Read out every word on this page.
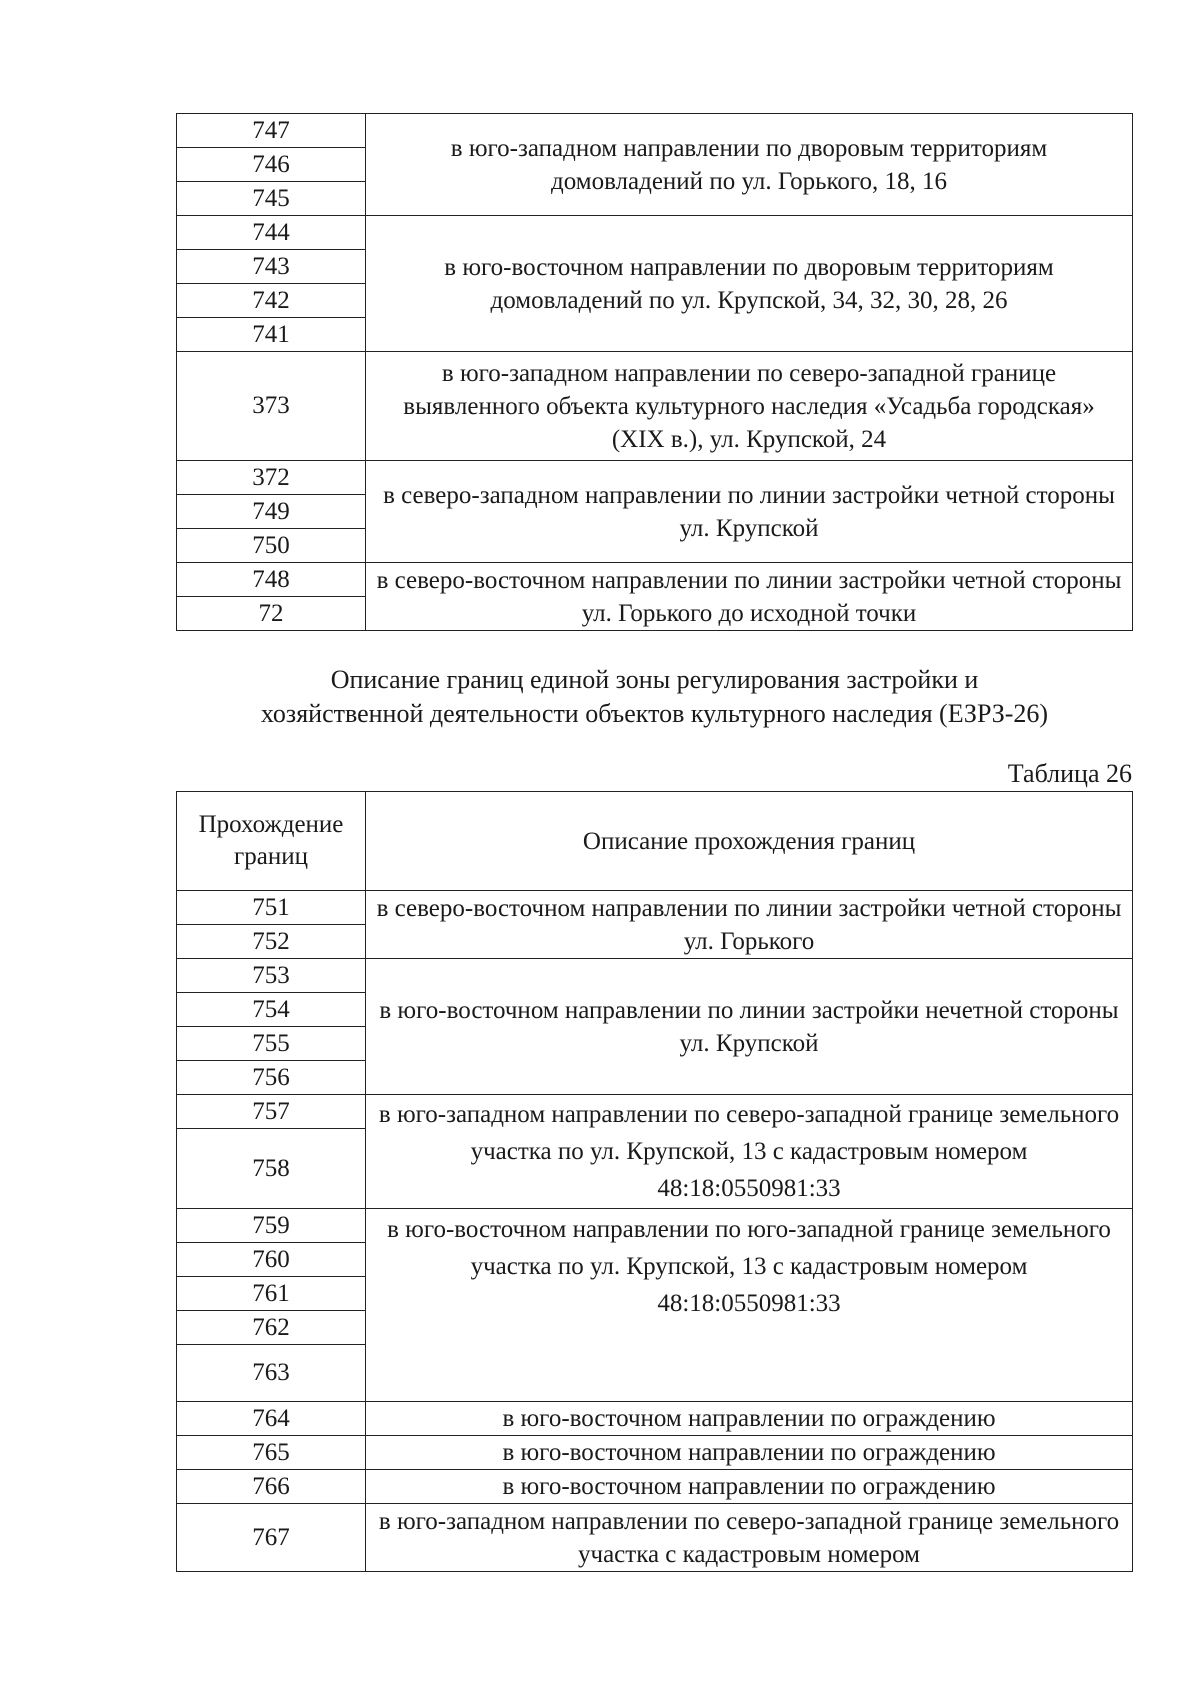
747	в юго-западном направлении по дворовым территориям домовладений по ул. Горького, 18, 16
746	
745	
744	в юго-восточном направлении по дворовым территориям домовладений по ул. Крупской, 34, 32, 30, 28, 26
743	
742	
741	
373	в юго-западном направлении по северо-западной границе выявленного объекта культурного наследия «Усадьба городская» (XIX в.), ул. Крупской, 24
372	в северо-западном направлении по линии застройки четной стороны ул. Крупской
749	
750	
748	в северо-восточном направлении по линии застройки четной стороны ул. Горького до исходной точки
72	
Описание границ единой зоны регулирования застройки и
хозяйственной деятельности объектов культурного наследия (ЕЗРЗ-26)
Таблица 26
Прохождение границ	Описание прохождения границ
751	в северо-восточном направлении по линии застройки четной стороны ул. Горького
752	
753	в юго-восточном направлении по линии застройки нечетной стороны ул. Крупской
754	
755	
756	
757	в юго-западном направлении по северо-западной границе земельного участка по ул. Крупской, 13 с кадастровым номером 48:18:0550981:33
758	
759	в юго-восточном направлении по юго-западной границе земельного участка по ул. Крупской, 13 с кадастровым номером 48:18:0550981:33
760	
761	
762	
763	
764	в юго-восточном направлении по ограждению
765	в юго-восточном направлении по ограждению
766	в юго-восточном направлении по ограждению
767	в юго-западном направлении по северо-западной границе земельного участка с кадастровым номером
